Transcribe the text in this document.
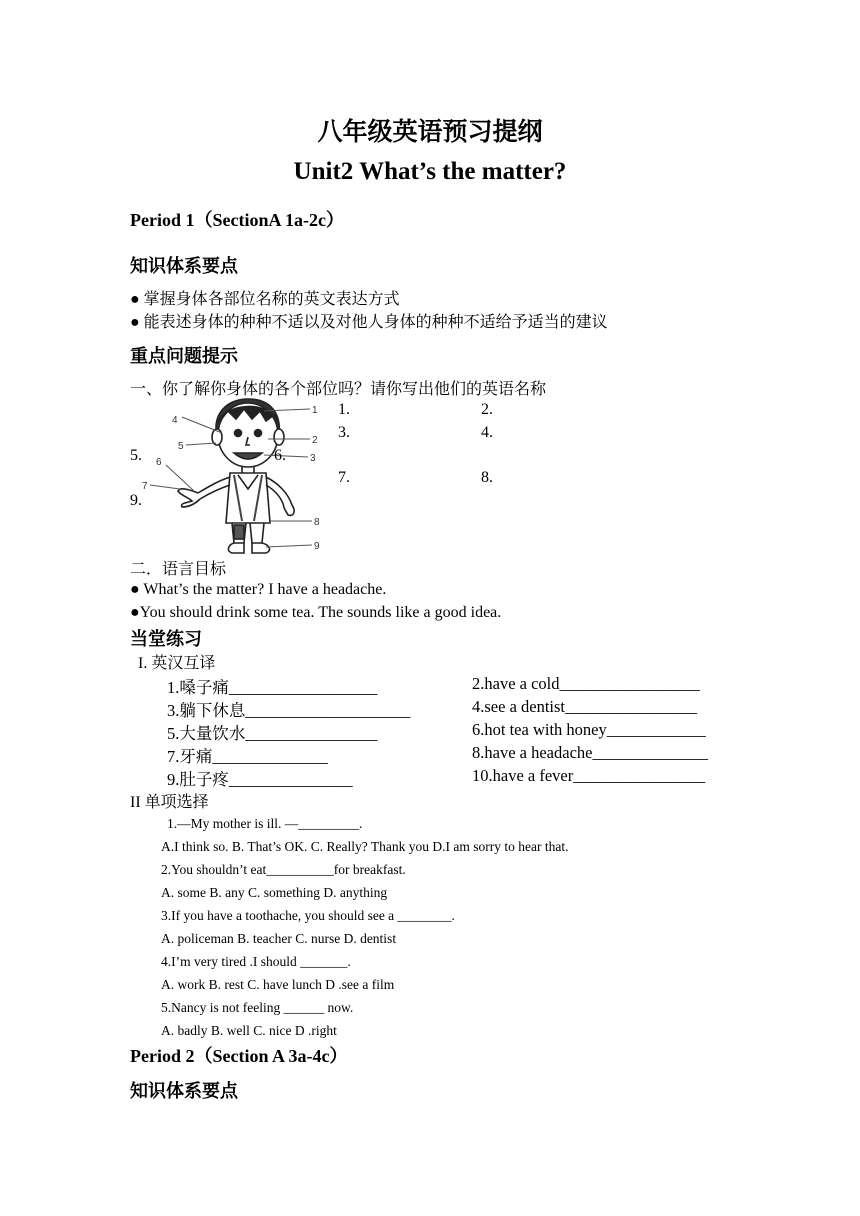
八年级英语预习提纲
Unit2 What’s the matter?
Period 1（SectionA 1a-2c）
知识体系要点
● 掌握身体各部位名称的英文表达方式
● 能表述身体的种种不适以及对他人身体的种种不适给予适当的建议
重点问题提示
一、你了解你身体的各个部位吗？请你写出他们的英语名称
1
2
3
4
5
6
7
8
9
1.	2.
3.	4.
5.	6.
7.	8.
9.
二．语言目标
● What’s the matter? I have a headache.
●You should drink some tea. The sounds like a good idea.
当堂练习
I. 英汉互译
1.嗓子痛__________________
3.躺下休息____________________
5.大量饮水________________
7.牙痛______________
9.肚子疼_______________
2.have a cold_________________
4.see a dentist________________
6.hot tea with honey____________
8.have a headache______________
10.have a fever________________
II 单项选择
1.—My mother is ill. —_________.
A.I think so. B. That’s OK. C. Really? Thank you D.I am sorry to hear that.
2.You shouldn’t eat__________for breakfast.
A. some B. any C. something D. anything
3.If you have a toothache, you should see a ________.
A. policeman B. teacher C. nurse D. dentist
4.I’m very tired .I should _______.
A. work B. rest C. have lunch D .see a film
5.Nancy is not feeling ______ now.
A. badly B. well C. nice D .right
Period 2（Section A 3a-4c）
知识体系要点
